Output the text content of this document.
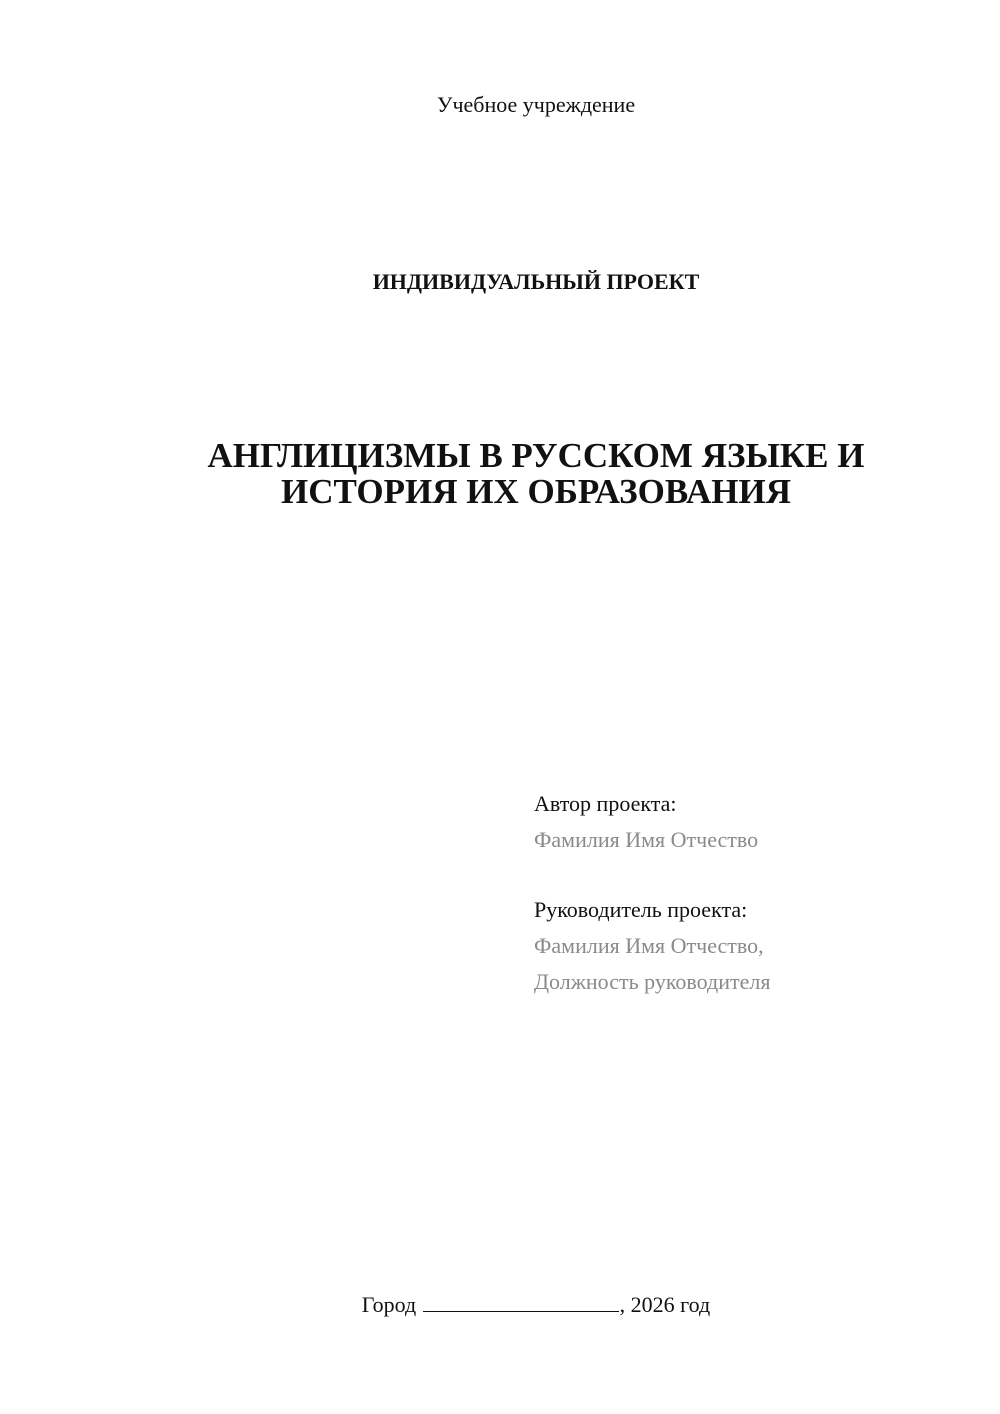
Учебное учреждение
ИНДИВИДУАЛЬНЫЙ ПРОЕКТ
АНГЛИЦИЗМЫ В РУССКОМ ЯЗЫКЕ И
ИСТОРИЯ ИХ ОБРАЗОВАНИЯ
Автор проекта:
Фамилия Имя Отчество
Руководитель проекта:
Фамилия Имя Отчество,
Должность руководителя
Город	, 2026 год
